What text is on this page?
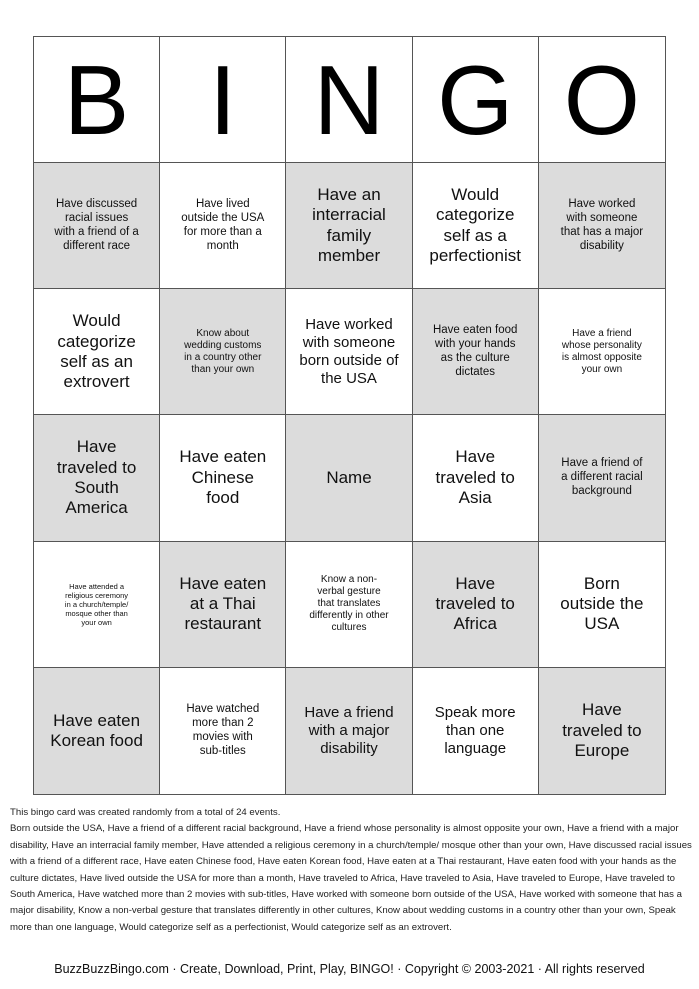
B I N G O
Have discussed racial issues with a friend of a different race
Have lived outside the USA for more than a month
Have an interracial family member
Would categorize self as a perfectionist
Have worked with someone that has a major disability
Would categorize self as an extrovert
Know about wedding customs in a country other than your own
Have worked with someone born outside of the USA
Have eaten food with your hands as the culture dictates
Have a friend whose personality is almost opposite your own
Have traveled to South America
Have eaten Chinese food
Name
Have traveled to Asia
Have a friend of a different racial background
Have attended a religious ceremony in a church/temple/ mosque other than your own
Have eaten at a Thai restaurant
Know a non-verbal gesture that translates differently in other cultures
Have traveled to Africa
Born outside the USA
Have eaten Korean food
Have watched more than 2 movies with sub-titles
Have a friend with a major disability
Speak more than one language
Have traveled to Europe

This bingo card was created randomly from a total of 24 events.

Born outside the USA, Have a friend of a different racial background, Have a friend whose personality is almost opposite your own, Have a friend with a major disability, Have an interracial family member, Have attended a religious ceremony in a church/temple/ mosque other than your own, Have discussed racial issues with a friend of a different race, Have eaten Chinese food, Have eaten Korean food, Have eaten at a Thai restaurant, Have eaten food with your hands as the culture dictates, Have lived outside the USA for more than a month, Have traveled to Africa, Have traveled to Asia, Have traveled to Europe, Have traveled to South America, Have watched more than 2 movies with sub-titles, Have worked with someone born outside of the USA, Have worked with someone that has a major disability, Know a non-verbal gesture that translates differently in other cultures, Know about wedding customs in a country other than your own, Speak more than one language, Would categorize self as a perfectionist, Would categorize self as an extrovert.

BuzzBuzzBingo.com · Create, Download, Print, Play, BINGO! · Copyright © 2003-2021 · All rights reserved
